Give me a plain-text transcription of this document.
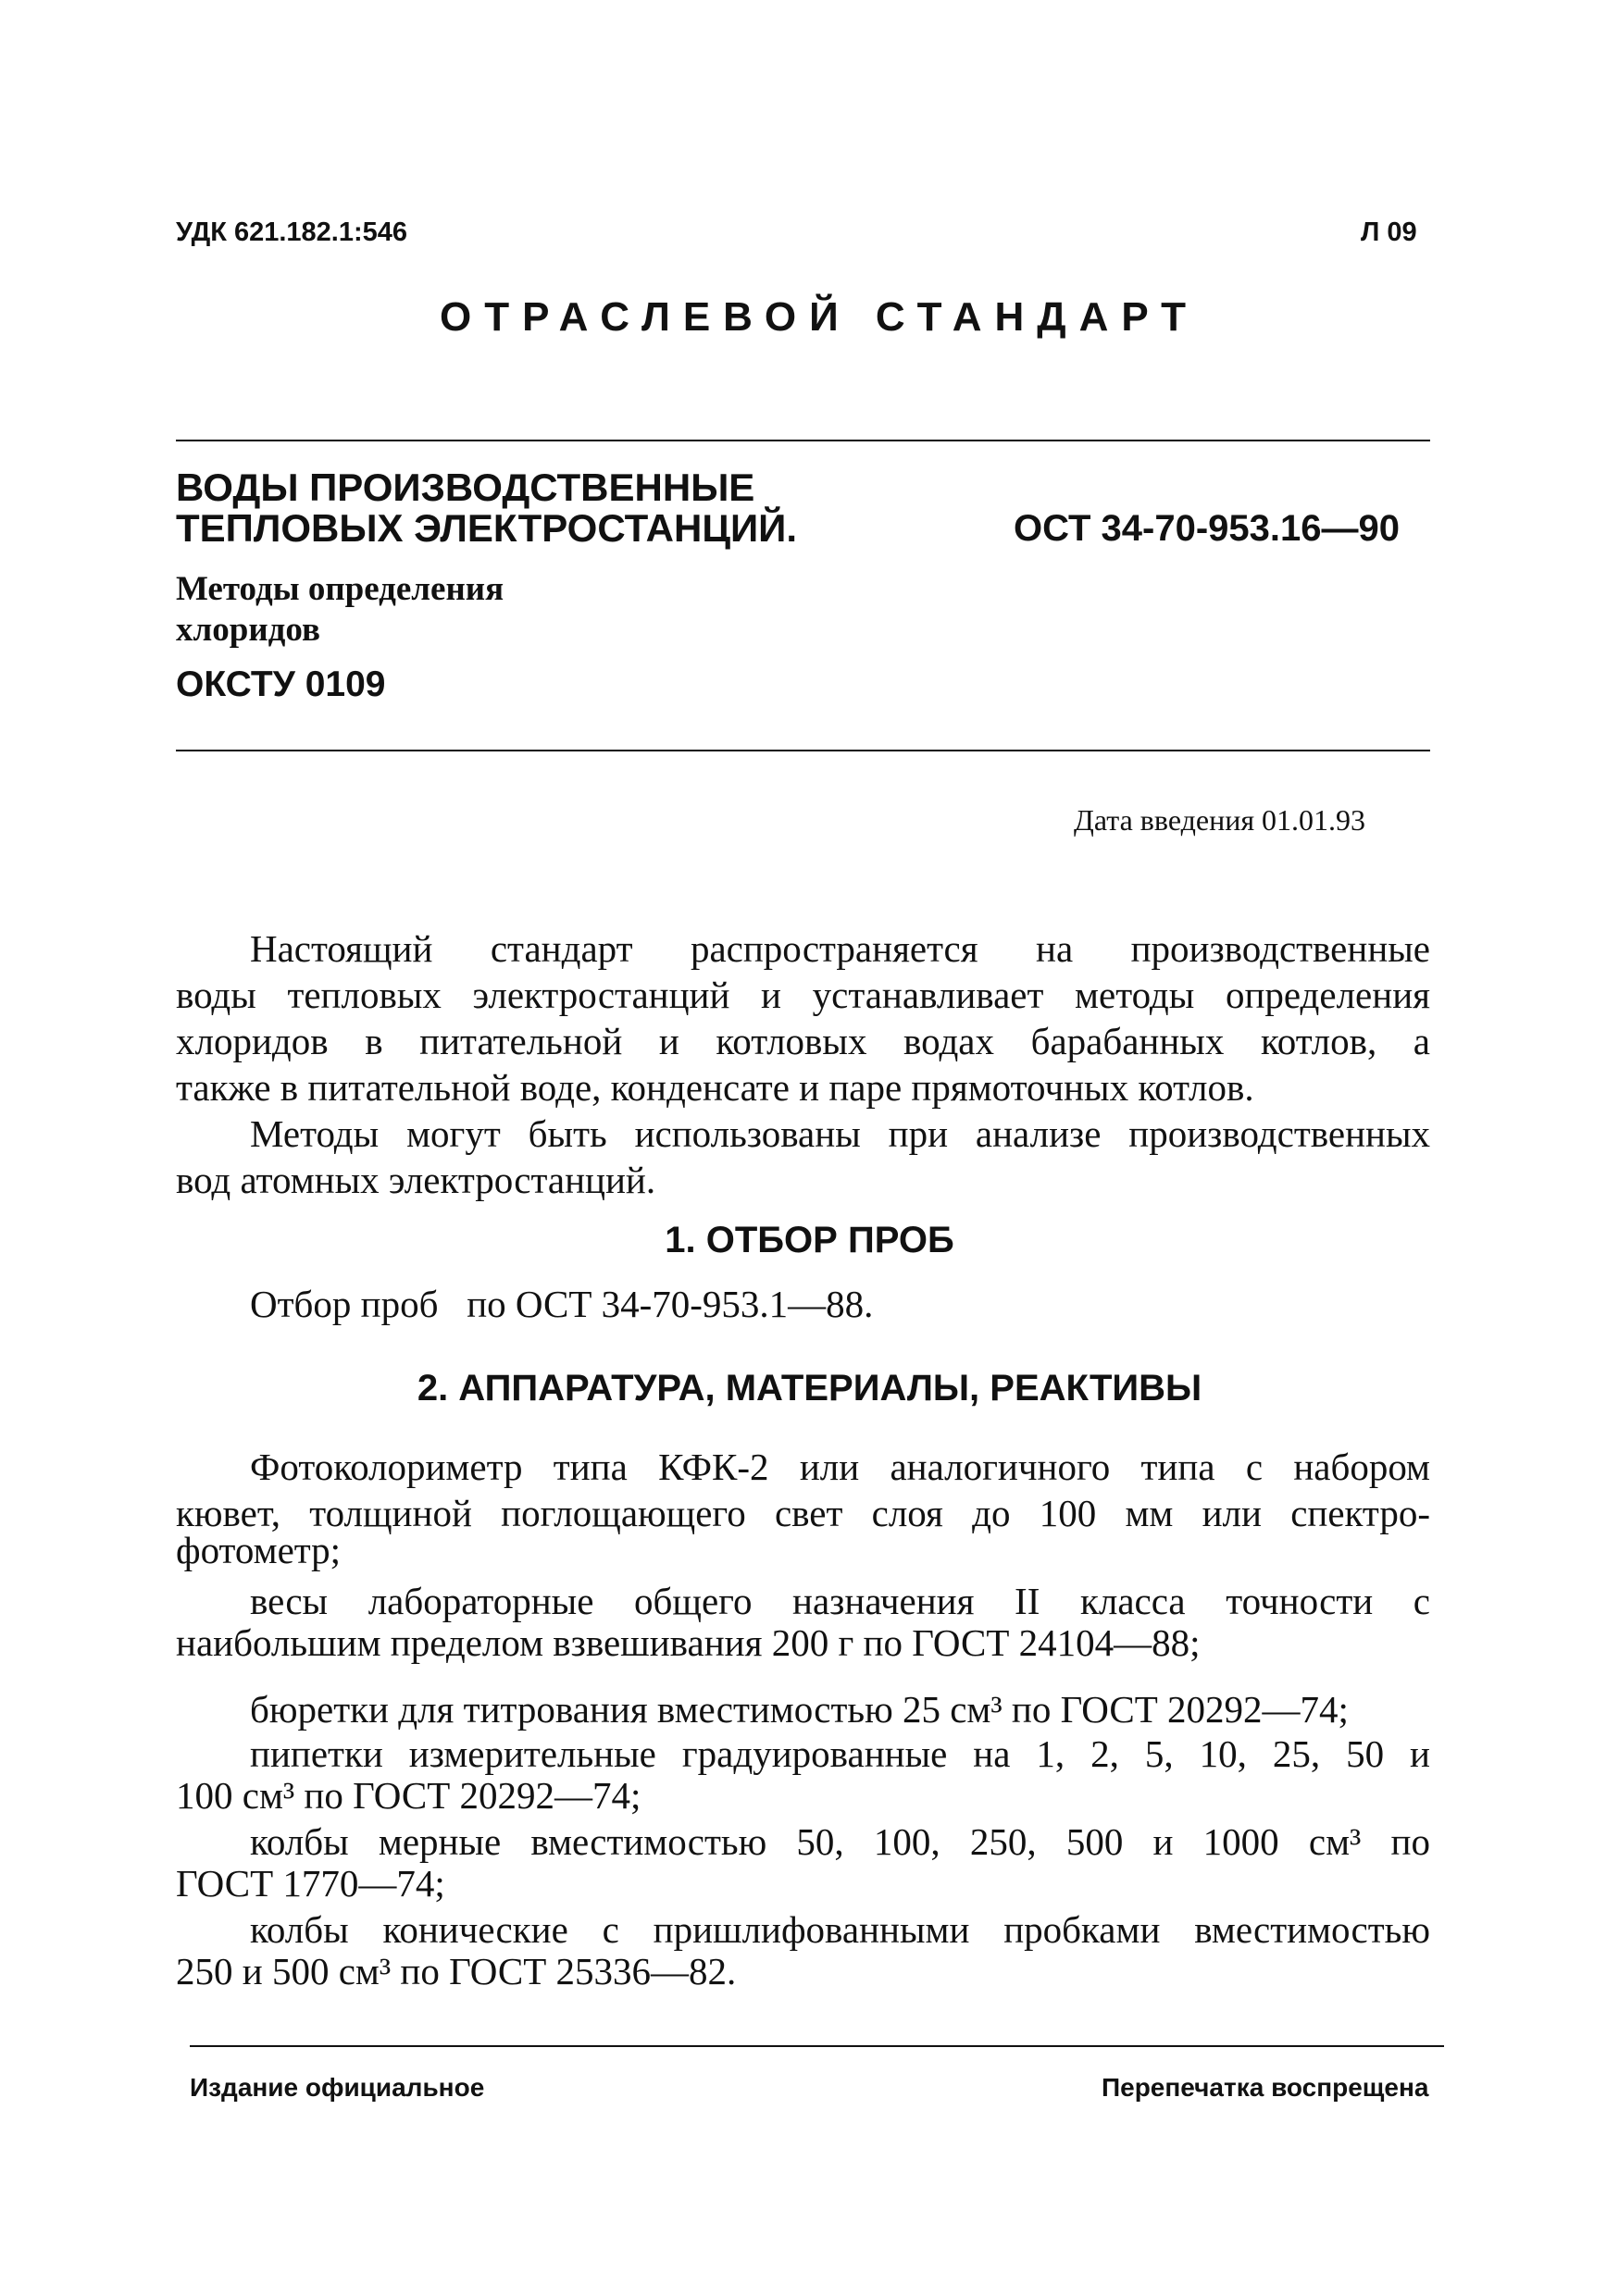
УДК 621.182.1:546	Л 09
ОТРАСЛЕВОЙ СТАНДАРТ
ВОДЫ ПРОИЗВОДСТВЕННЫЕ
ТЕПЛОВЫХ ЭЛЕКТРОСТАНЦИЙ.	ОСТ 34-70-953.16—90
Методы определения
хлоридов
ОКСТУ 0109
Дата введения 01.01.93

Настоящий стандарт распространяется на производственные

воды тепловых электростанций и устанавливает методы определения

хлоридов в питательной и котловых водах барабанных котлов, а

также в питательной воде, конденсате и паре прямоточных котлов.

Методы могут быть использованы при анализе производственных

вод атомных электростанций.

1. ОТБОР ПРОБ
Отбор проб   по ОСТ 34-70-953.1—88.
2. АППАРАТУРА, МАТЕРИАЛЫ, РЕАКТИВЫ

Фотоколориметр типа КФК-2 или аналогичного типа с набором

кювет, толщиной поглощающего свет слоя до 100 мм или спектро-

фотометр;

весы лабораторные общего назначения II класса точности с

наибольшим пределом взвешивания 200 г по ГОСТ 24104—88;

бюретки для титрования вместимостью 25 см³ по ГОСТ 20292—74;

пипетки измерительные градуированные на 1, 2, 5, 10, 25, 50 и

100 см³ по ГОСТ 20292—74;

колбы мерные вместимостью 50, 100, 250, 500 и 1000 см³ по

ГОСТ 1770—74;

колбы конические с пришлифованными пробками вместимостью

250 и 500 см³ по ГОСТ 25336—82.

Издание официальное	Перепечатка воспрещена
